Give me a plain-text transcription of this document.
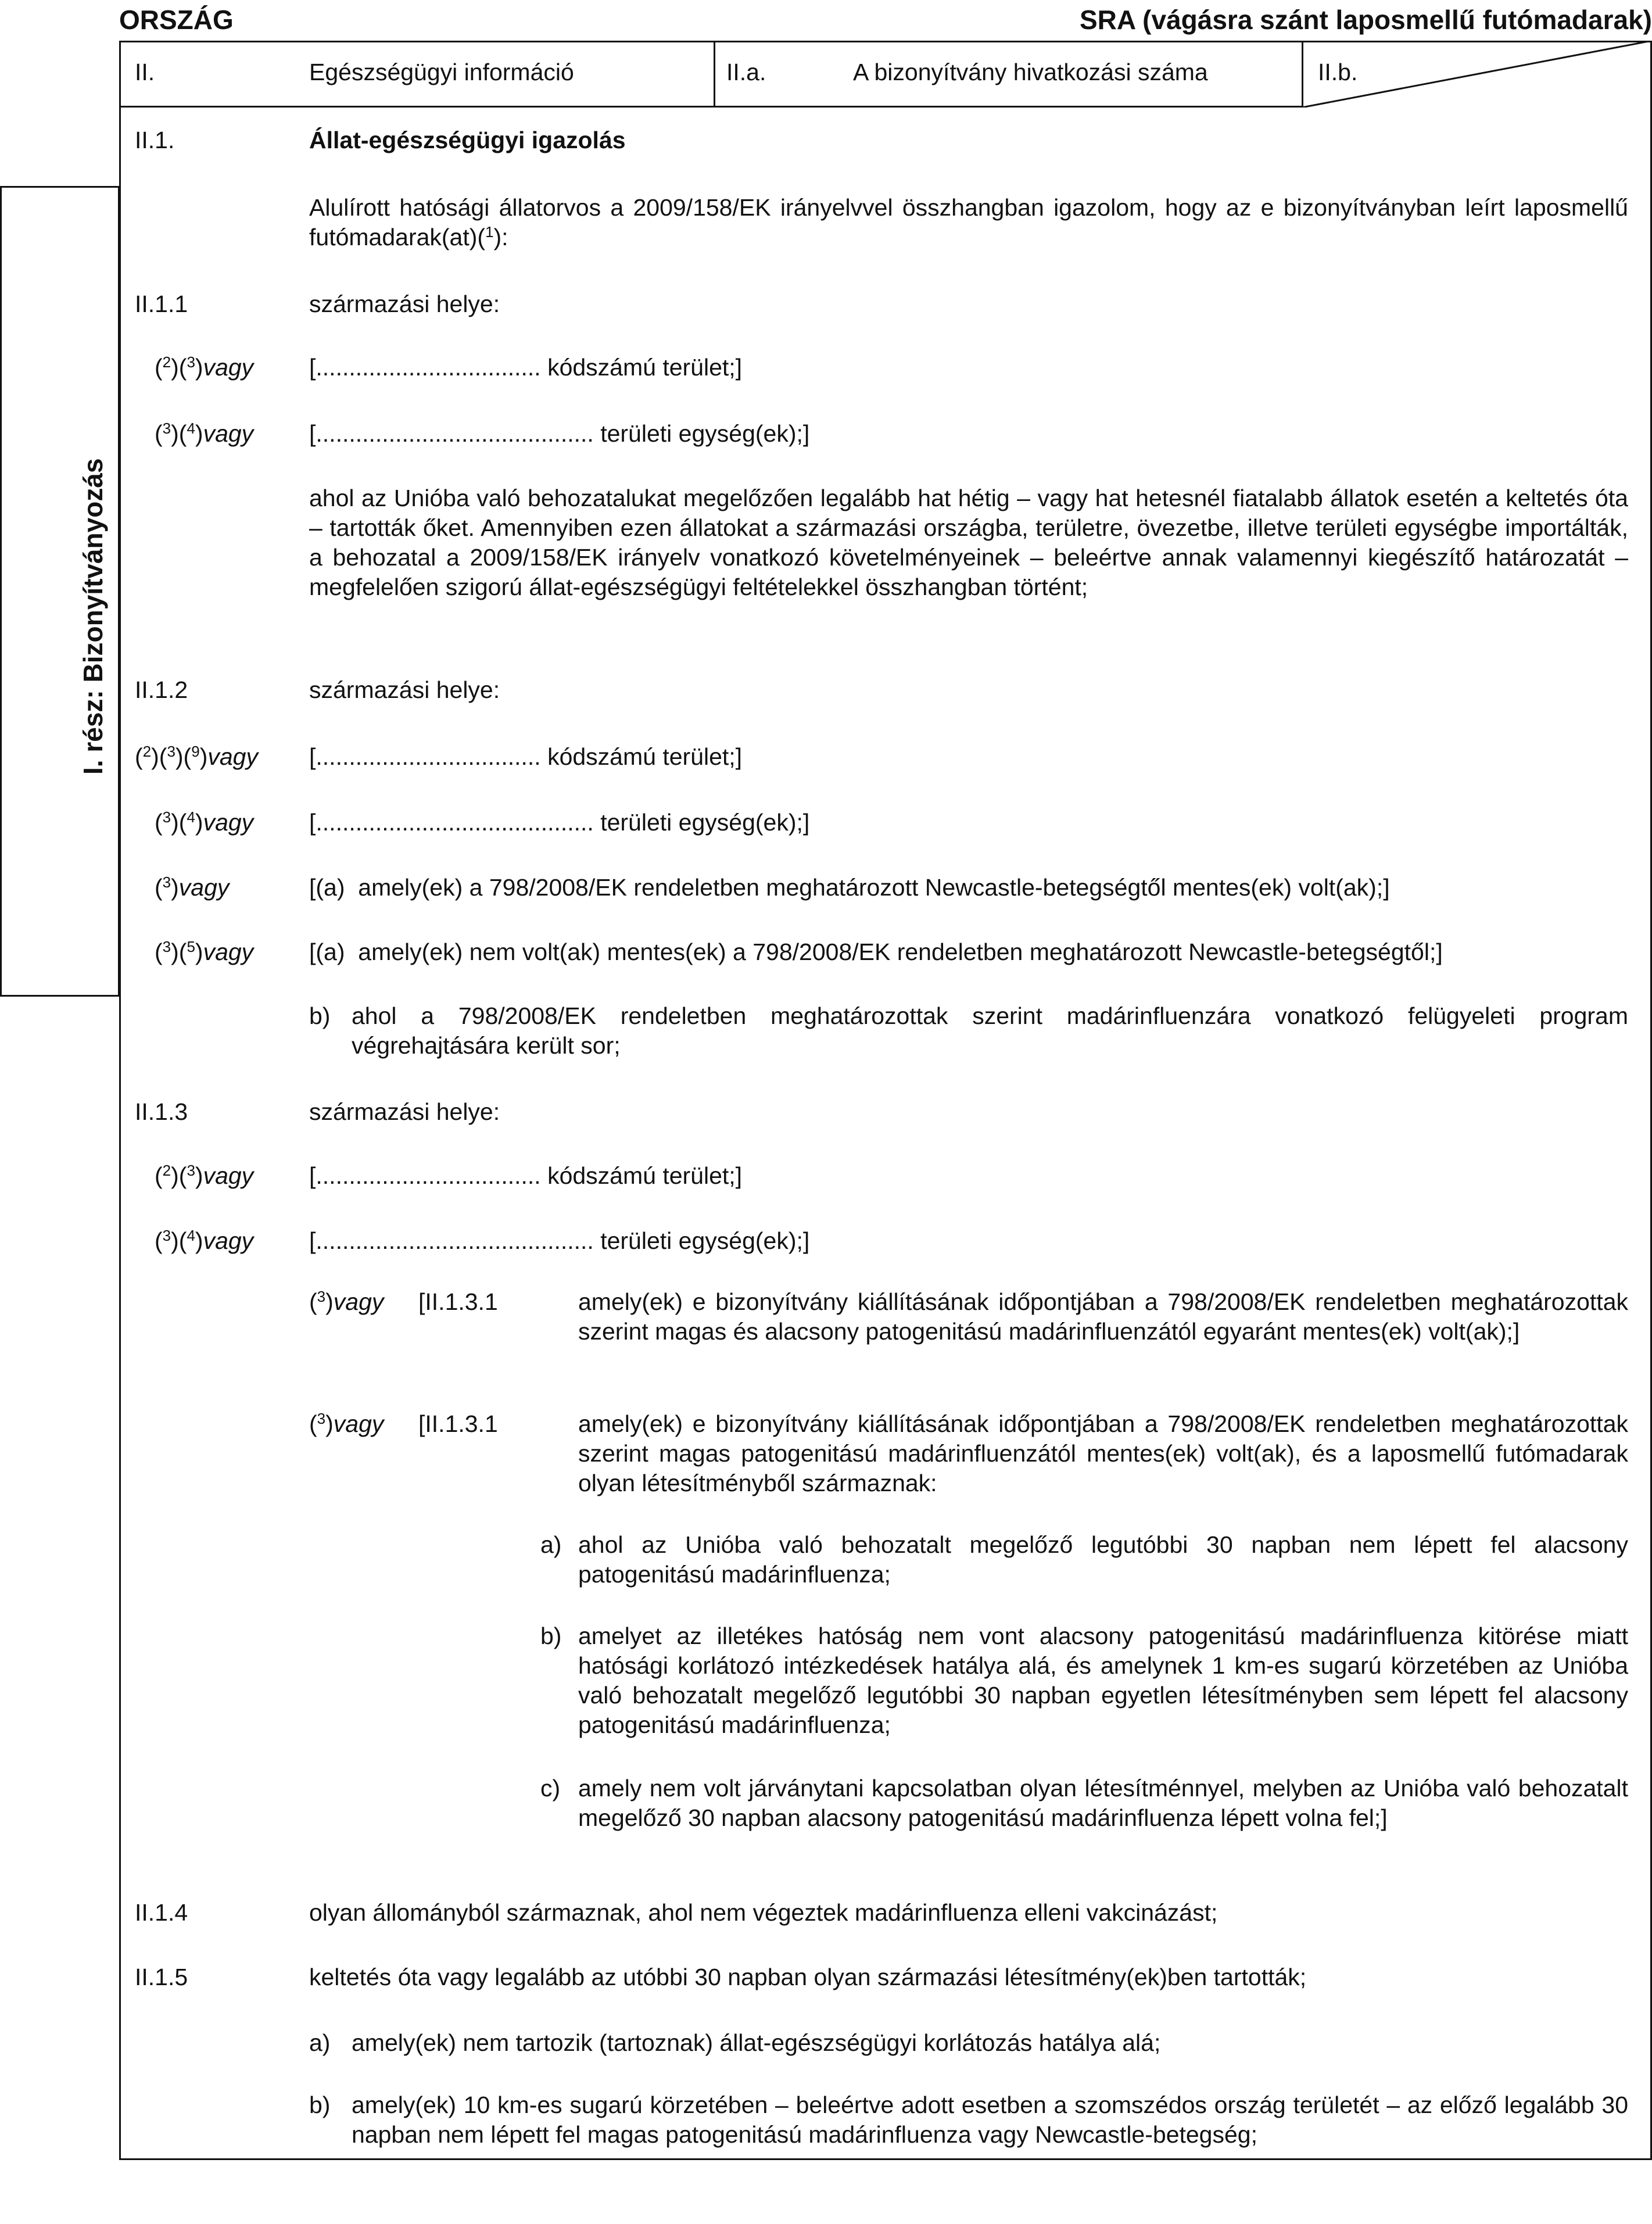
ORSZÁG	SRA (vágásra szánt laposmellű futómadarak)
II.	Egészségügyi információ	II.a.	A bizonyítvány hivatkozási száma	II.b.
I. rész: Bizonyítványozás
II.1.	Állat-egészségügyi igazolás
Alulírott hatósági állatorvos a 2009/158/EK irányelvvel összhangban igazolom, hogy az e bizonyítványban leírt laposmellű futómadarak(at)($^1$):
II.1.1	származási helye:
($^2$)($^3$)vagy [.................................. kódszámú terület;]
($^3$)($^4$)vagy [.......................................... területi egység(ek);]
ahol az Unióba való behozatalukat megelőzően legalább hat hétig – vagy hat hetesnél fiatalabb állatok esetén a keltetés óta – tartották őket. Amennyiben ezen állatokat a származási országba, területre, övezetbe, illetve területi egységbe importálták, a behozatal a 2009/158/EK irányelv vonatkozó követelményeinek – beleértve annak valamennyi kiegészítő határozatát – megfelelően szigorú állat-egészségügyi feltételekkel összhangban történt;
II.1.2	származási helye:
($^2$)($^3$)($^9$)vagy [.................................. kódszámú terület;]
($^3$)($^4$)vagy [.......................................... területi egység(ek);]
($^3$)vagy	[(a)  amely(ek) a 798/2008/EK rendeletben meghatározott Newcastle-betegségtől mentes(ek) volt(ak);]
($^3$)($^5$)vagy [(a)  amely(ek) nem volt(ak) mentes(ek) a 798/2008/EK rendeletben meghatározott Newcastle-betegségtől;]
b) ahol a 798/2008/EK rendeletben meghatározottak szerint madárinfluenzára vonatkozó felügyeleti program végrehajtására került sor;
II.1.3	származási helye:
($^2$)($^3$)vagy [.................................. kódszámú terület;]
($^3$)($^4$)vagy [.......................................... területi egység(ek);]
($^3$)vagy [II.1.3.1	amely(ek) e bizonyítvány kiállításának időpontjában a 798/2008/EK rendeletben meghatározottak szerint magas és alacsony patogenitású madárinfluenzától egyaránt mentes(ek) volt(ak);]
($^3$)vagy [II.1.3.1	amely(ek) e bizonyítvány kiállításának időpontjában a 798/2008/EK rendeletben meghatározottak szerint magas patogenitású madárinfluenzától mentes(ek) volt(ak), és a laposmellű futómadarak olyan létesítményből származnak:
a) ahol az Unióba való behozatalt megelőző legutóbbi 30 napban nem lépett fel alacsony patogenitású madárinfluenza;
b) amelyet az illetékes hatóság nem vont alacsony patogenitású madárinfluenza kitörése miatt hatósági korlátozó intézkedések hatálya alá, és amelynek 1 km-es sugarú körzetében az Unióba való behozatalt megelőző legutóbbi 30 napban egyetlen létesítményben sem lépett fel alacsony patogenitású madárinfluenza;
c) amely nem volt járványtani kapcsolatban olyan létesítménnyel, melyben az Unióba való behozatalt megelőző 30 napban alacsony patogenitású madárinfluenza lépett volna fel;]
II.1.4	olyan állományból származnak, ahol nem végeztek madárinfluenza elleni vakcinázást;
II.1.5	keltetés óta vagy legalább az utóbbi 30 napban olyan származási létesítmény(ek)ben tartották;
a) amely(ek) nem tartozik (tartoznak) állat-egészségügyi korlátozás hatálya alá;
b) amely(ek) 10 km-es sugarú körzetében – beleértve adott esetben a szomszédos ország területét – az előző legalább 30 napban nem lépett fel magas patogenitású madárinfluenza vagy Newcastle-betegség;
